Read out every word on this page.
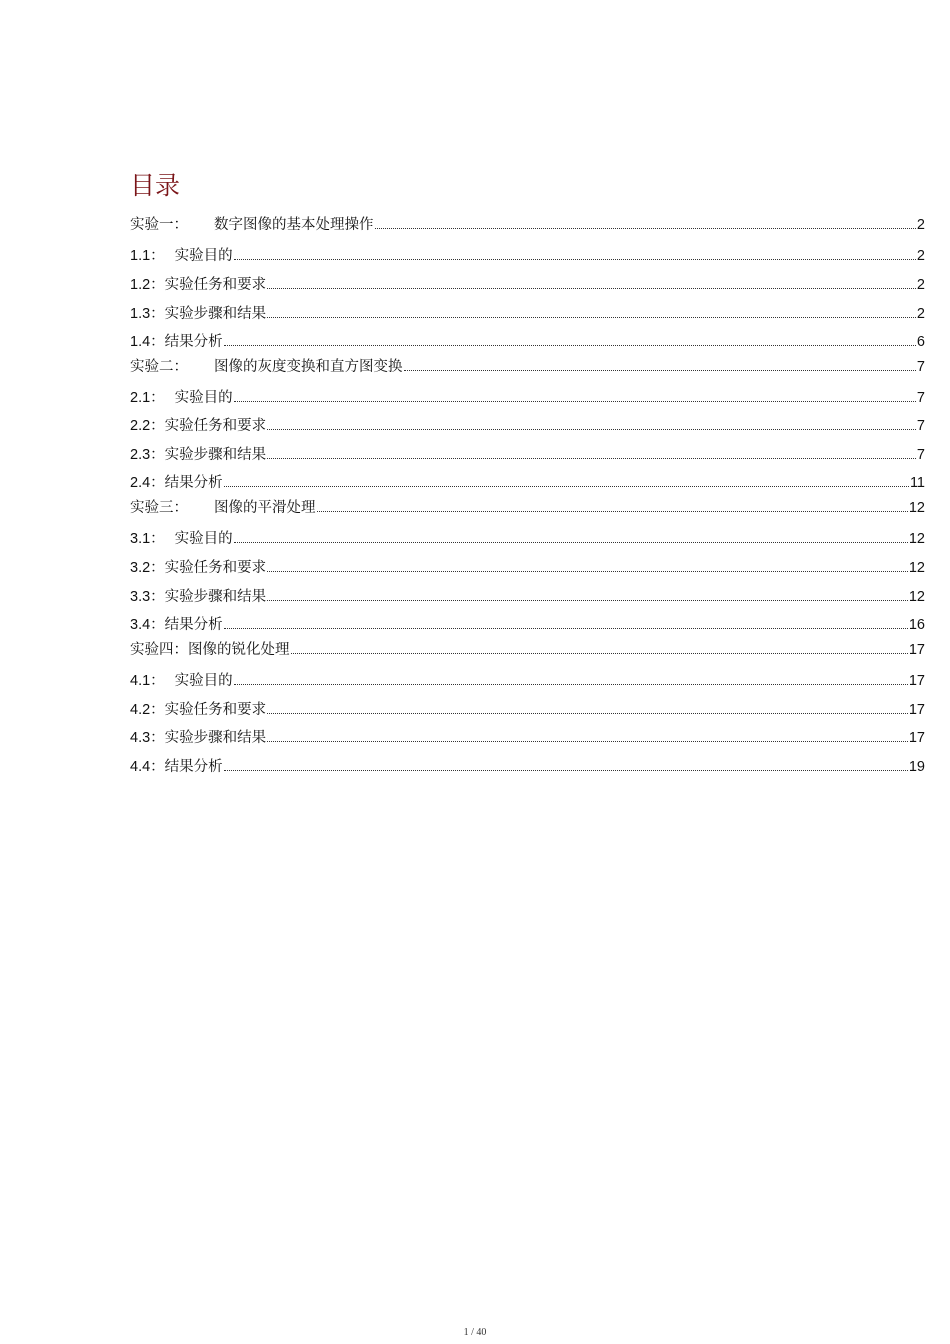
目录
实验一： 数字图像的基本处理操作	2
1.1： 实验目的	2
1.2：实验任务和要求	2
1.3：实验步骤和结果	2
1.4：结果分析	6
实验二： 图像的灰度变换和直方图变换	7
2.1： 实验目的	7
2.2：实验任务和要求	7
2.3：实验步骤和结果	7
2.4：结果分析	11
实验三： 图像的平滑处理	12
3.1： 实验目的	12
3.2：实验任务和要求	12
3.3：实验步骤和结果	12
3.4：结果分析	16
实验四：图像的锐化处理	17
4.1： 实验目的	17
4.2：实验任务和要求	17
4.3：实验步骤和结果	17
4.4：结果分析	19
1 / 40
